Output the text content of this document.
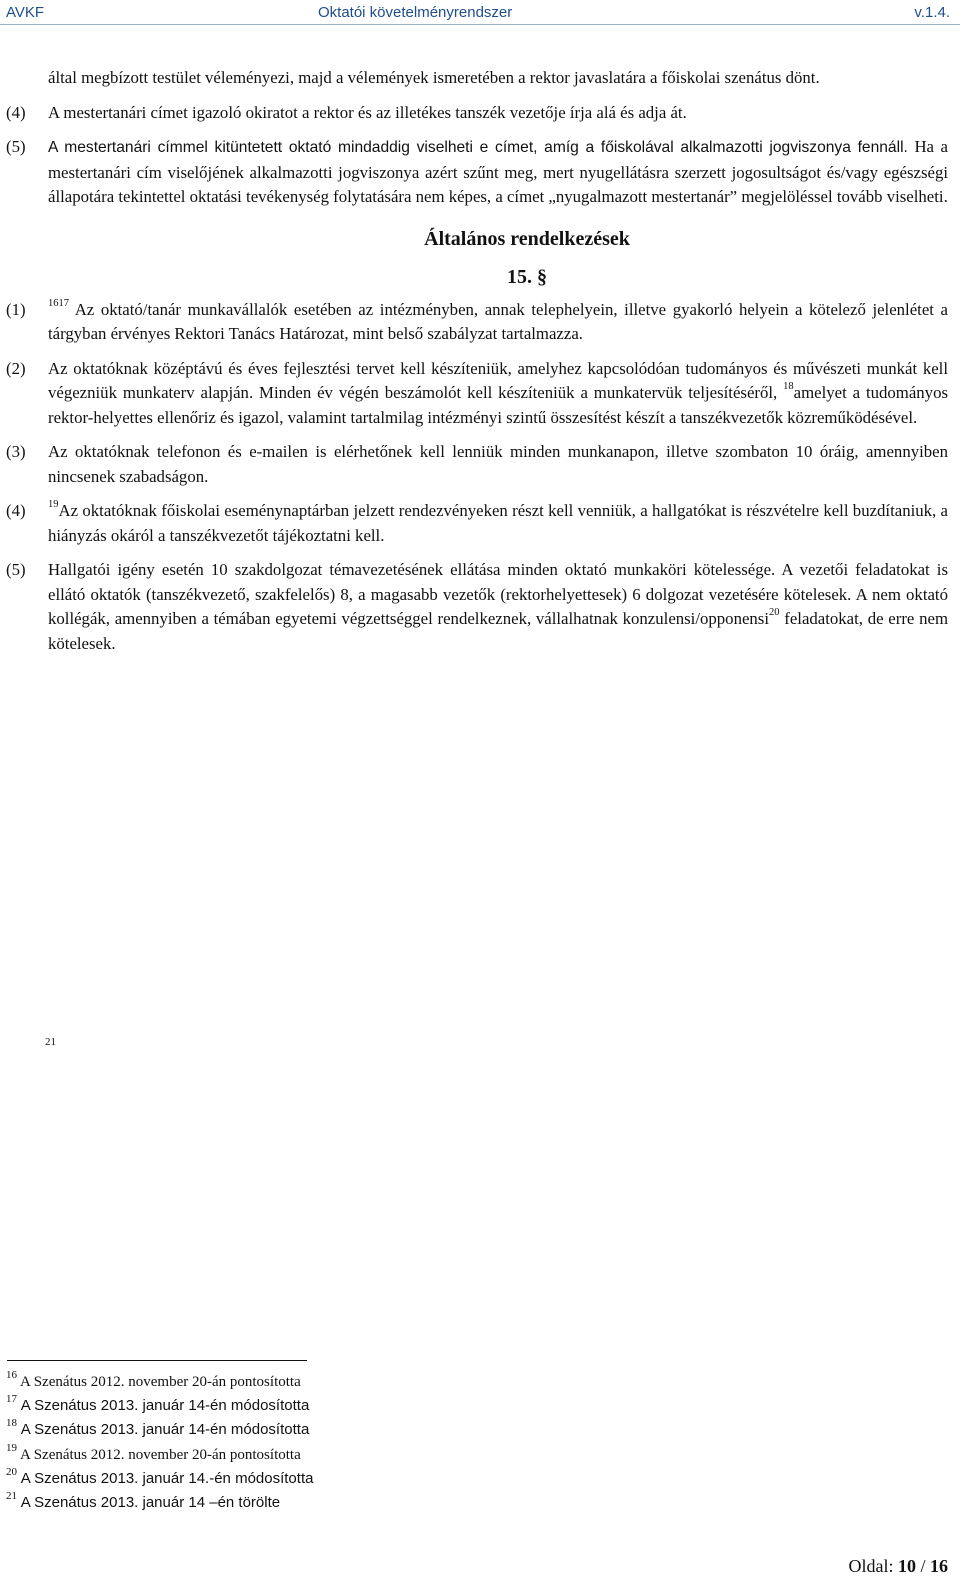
AVKF	Oktatói követelményrendszer	v.1.4.

által megbízott testület véleményezi, majd a vélemények ismeretében a rektor javaslatára a főiskolai szenátus dönt.

(4) A mestertanári címet igazoló okiratot a rektor és az illetékes tanszék vezetője írja alá és adja át.
(5) A mestertanári címmel kitüntetett oktató mindaddig viselheti e címet, amíg a főiskolával alkalmazotti jogviszonya fennáll. Ha a mestertanári cím viselőjének alkalmazotti jogviszonya azért szűnt meg, mert nyugellátásra szerzett jogosultságot és/vagy egészségi állapotára tekintettel oktatási tevékenység folytatására nem képes, a címet „nyugalmazott mestertanár” megjelöléssel tovább viselheti.
Általános rendelkezések
15. §
(1) $^{1617}$ Az oktató/tanár munkavállalók esetében az intézményben, annak telephelyein, illetve gyakorló helyein a kötelező jelenlétet a tárgyban érvényes Rektori Tanács Határozat, mint belső szabályzat tartalmazza.
(2) Az oktatóknak középtávú és éves fejlesztési tervet kell készíteniük, amelyhez kapcsolódóan tudományos és művészeti munkát kell végezniük munkaterv alapján. Minden év végén beszámolót kell készíteniük a munkatervük teljesítéséről, $^{18}$amelyet a tudományos rektor-helyettes ellenőriz és igazol, valamint tartalmilag intézményi szintű összesítést készít a tanszékvezetők közreműködésével.
(3) Az oktatóknak telefonon és e-mailen is elérhetőnek kell lenniük minden munkanapon, illetve szombaton 10 óráig, amennyiben nincsenek szabadságon.
(4) $^{19}$Az oktatóknak főiskolai eseménynaptárban jelzett rendezvényeken részt kell venniük, a hallgatókat is részvételre kell buzdítaniuk, a hiányzás okáról a tanszékvezetőt tájékoztatni kell.
(5) Hallgatói igény esetén 10 szakdolgozat témavezetésének ellátása minden oktató munkaköri kötelessége. A vezetői feladatokat is ellátó oktatók (tanszékvezető, szakfelelős) 8, a magasabb vezetők (rektorhelyettesek) 6 dolgozat vezetésére kötelesek. A nem oktató kollégák, amennyiben a témában egyetemi végzettséggel rendelkeznek, vállalhatnak konzulensi/opponensi$^{20}$ feladatokat, de erre nem kötelesek.
21
$^{16}$ A Szenátus 2012. november 20-án pontosította
$^{17}$ A Szenátus 2013. január 14-én módosította
$^{18}$ A Szenátus 2013. január 14-én módosította
$^{19}$ A Szenátus 2012. november 20-án pontosította
$^{20}$ A Szenátus 2013. január 14.-én módosította
$^{21}$ A Szenátus 2013. január 14 –én törölte
Oldal: 10 / 16
